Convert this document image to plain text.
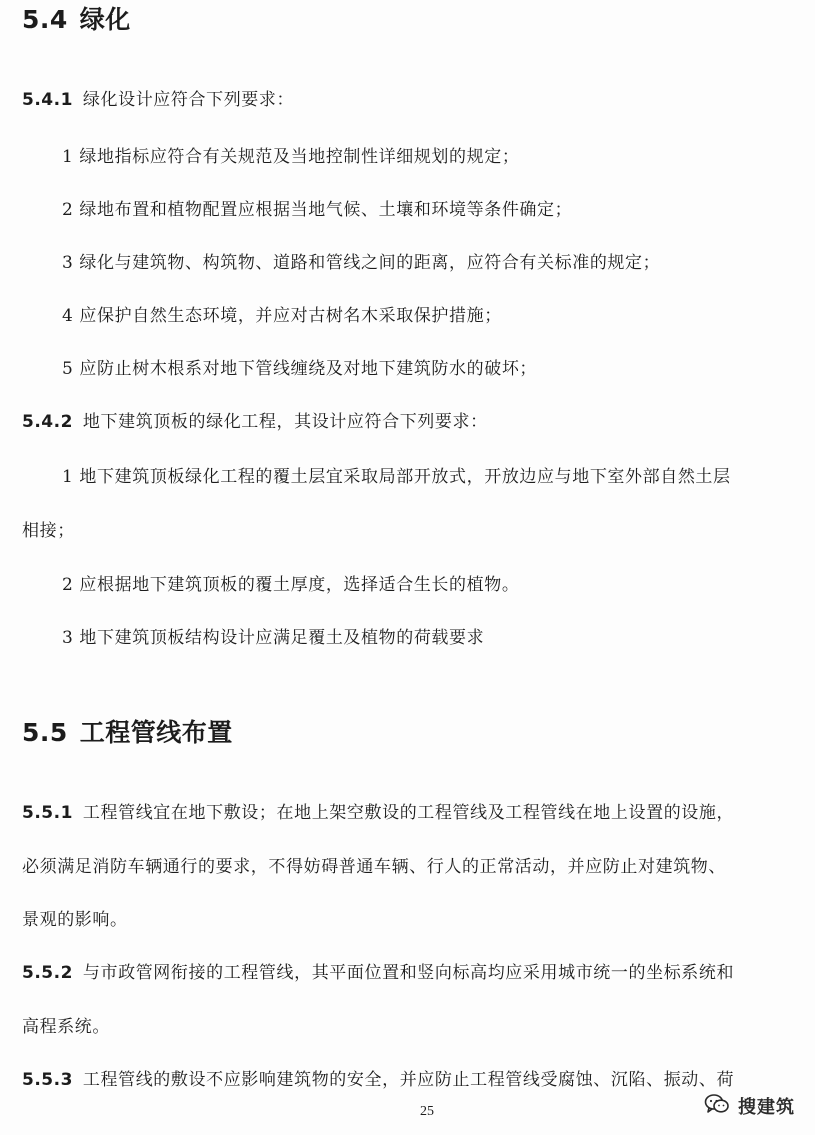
5.4 绿化
5.4.1 绿化设计应符合下列要求：
1 绿地指标应符合有关规范及当地控制性详细规划的规定；
2 绿地布置和植物配置应根据当地气候、土壤和环境等条件确定；
3 绿化与建筑物、构筑物、道路和管线之间的距离，应符合有关标准的规定；
4 应保护自然生态环境，并应对古树名木采取保护措施；
5 应防止树木根系对地下管线缠绕及对地下建筑防水的破坏；
5.4.2 地下建筑顶板的绿化工程，其设计应符合下列要求：
1 地下建筑顶板绿化工程的覆土层宜采取局部开放式，开放边应与地下室外部自然土层
相接；
2 应根据地下建筑顶板的覆土厚度，选择适合生长的植物。
3 地下建筑顶板结构设计应满足覆土及植物的荷载要求
5.5 工程管线布置
5.5.1 工程管线宜在地下敷设；在地上架空敷设的工程管线及工程管线在地上设置的设施，
必须满足消防车辆通行的要求，不得妨碍普通车辆、行人的正常活动，并应防止对建筑物、
景观的影响。
5.5.2 与市政管网衔接的工程管线，其平面位置和竖向标高均应采用城市统一的坐标系统和
高程系统。
5.5.3 工程管线的敷设不应影响建筑物的安全，并应防止工程管线受腐蚀、沉陷、振动、荷
25	搜建筑
